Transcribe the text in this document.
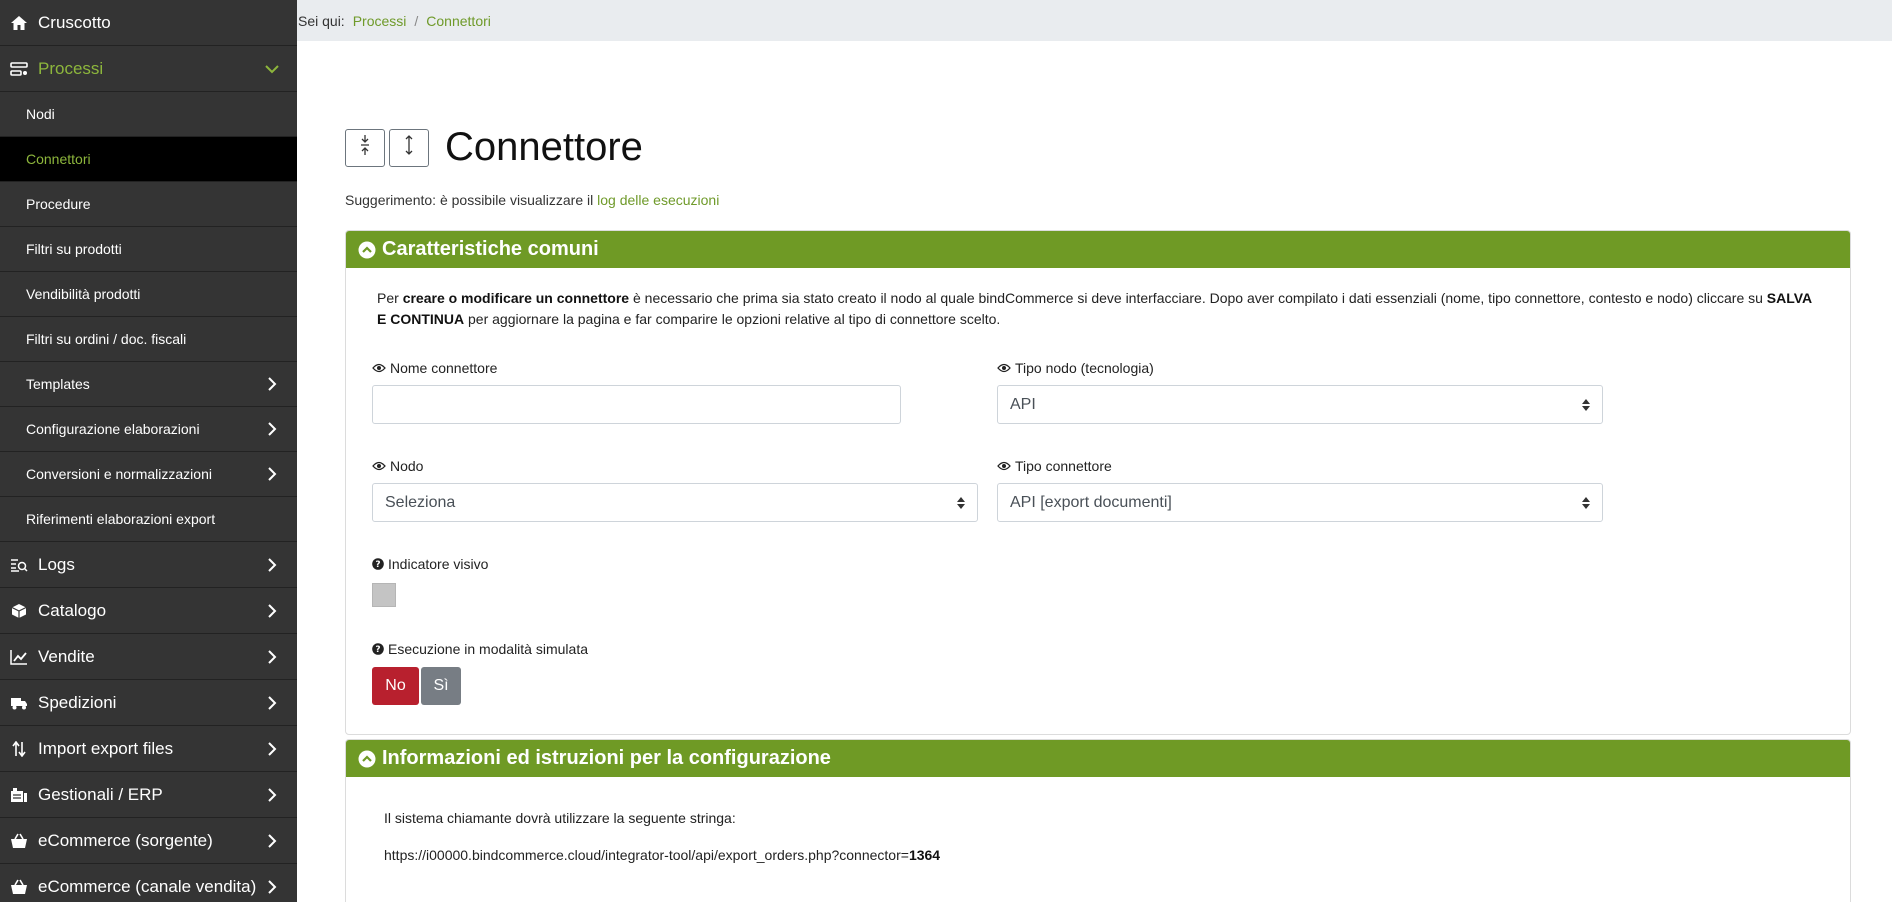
Cruscotto
Processi
Nodi
Connettori
Procedure
Filtri su prodotti
Vendibilità prodotti
Filtri su ordini / doc. fiscali
Templates
Configurazione elaborazioni
Conversioni e normalizzazioni
Riferimenti elaborazioni export
Logs
Catalogo
Vendite
Spedizioni
Import export files
Gestionali / ERP
eCommerce (sorgente)
eCommerce (canale vendita)
Sei qui: Processi / Connettori
Connettore
Suggerimento: è possibile visualizzare il log delle esecuzioni
Caratteristiche comuni

Per creare o modificare un connettore è necessario che prima sia stato creato il nodo al quale bindCommerce si deve interfacciare. Dopo aver compilato i dati essenziali (nome, tipo connettore, contesto e nodo) cliccare su SALVA E CONTINUA per aggiornare la pagina e far comparire le opzioni relative al tipo di connettore scelto.

Nome connettore	Tipo nodo (tecnologia)
API
Nodo
Seleziona
Tipo connettore
API [export documenti]
? Indicatore visivo
? Esecuzione in modalità simulata
No	Sì
Informazioni ed istruzioni per la configurazione
Il sistema chiamante dovrà utilizzare la seguente stringa:
https://i00000.bindcommerce.cloud/integrator-tool/api/export_orders.php?connector=1364
